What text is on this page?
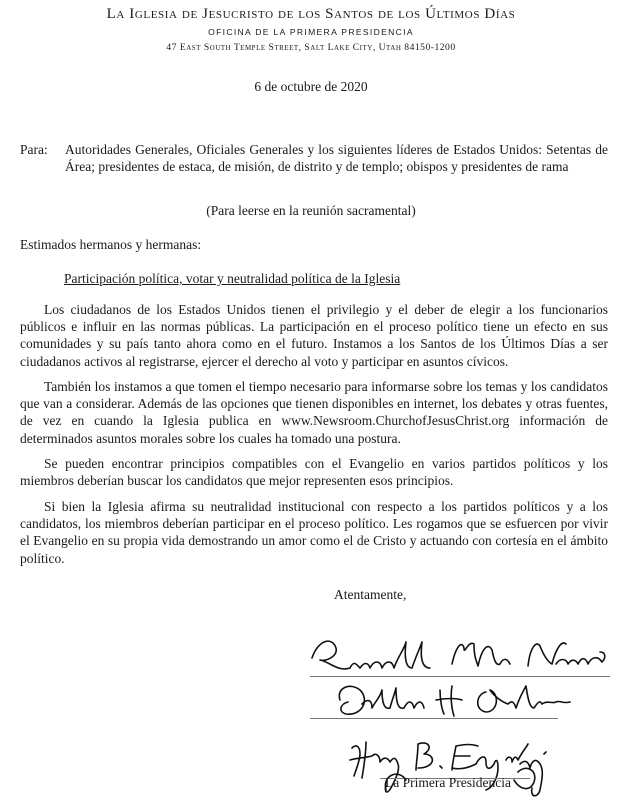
La Iglesia de Jesucristo de los Santos de los Últimos Días
OFICINA DE LA PRIMERA PRESIDENCIA
47 East South Temple Street, Salt Lake City, Utah 84150-1200
6 de octubre de 2020
Para:	Autoridades Generales, Oficiales Generales y los siguientes líderes de Estados Unidos: Setentas de Área; presidentes de estaca, de misión, de distrito y de templo; obispos y presidentes de rama
(Para leerse en la reunión sacramental)
Estimados hermanos y hermanas:
Participación política, votar y neutralidad política de la Iglesia

Los ciudadanos de los Estados Unidos tienen el privilegio y el deber de elegir a los funcionarios públicos e influir en las normas públicas. La participación en el proceso político tiene un efecto en sus comunidades y su país tanto ahora como en el futuro. Instamos a los Santos de los Últimos Días a ser ciudadanos activos al registrarse, ejercer el derecho al voto y participar en asuntos cívicos.

También los instamos a que tomen el tiempo necesario para informarse sobre los temas y los candidatos que van a considerar. Además de las opciones que tienen disponibles en internet, los debates y otras fuentes, de vez en cuando la Iglesia publica en www.Newsroom.ChurchofJesusChrist.org información de determinados asuntos morales sobre los cuales ha tomado una postura.

Se pueden encontrar principios compatibles con el Evangelio en varios partidos políticos y los miembros deberían buscar los candidatos que mejor representen esos principios.

Si bien la Iglesia afirma su neutralidad institucional con respecto a los partidos políticos y a los candidatos, los miembros deberían participar en el proceso político. Les rogamos que se esfuercen por vivir el Evangelio en su propia vida demostrando un amor como el de Cristo y actuando con cortesía en el ámbito político.

Atentamente,
La Primera Presidencia
